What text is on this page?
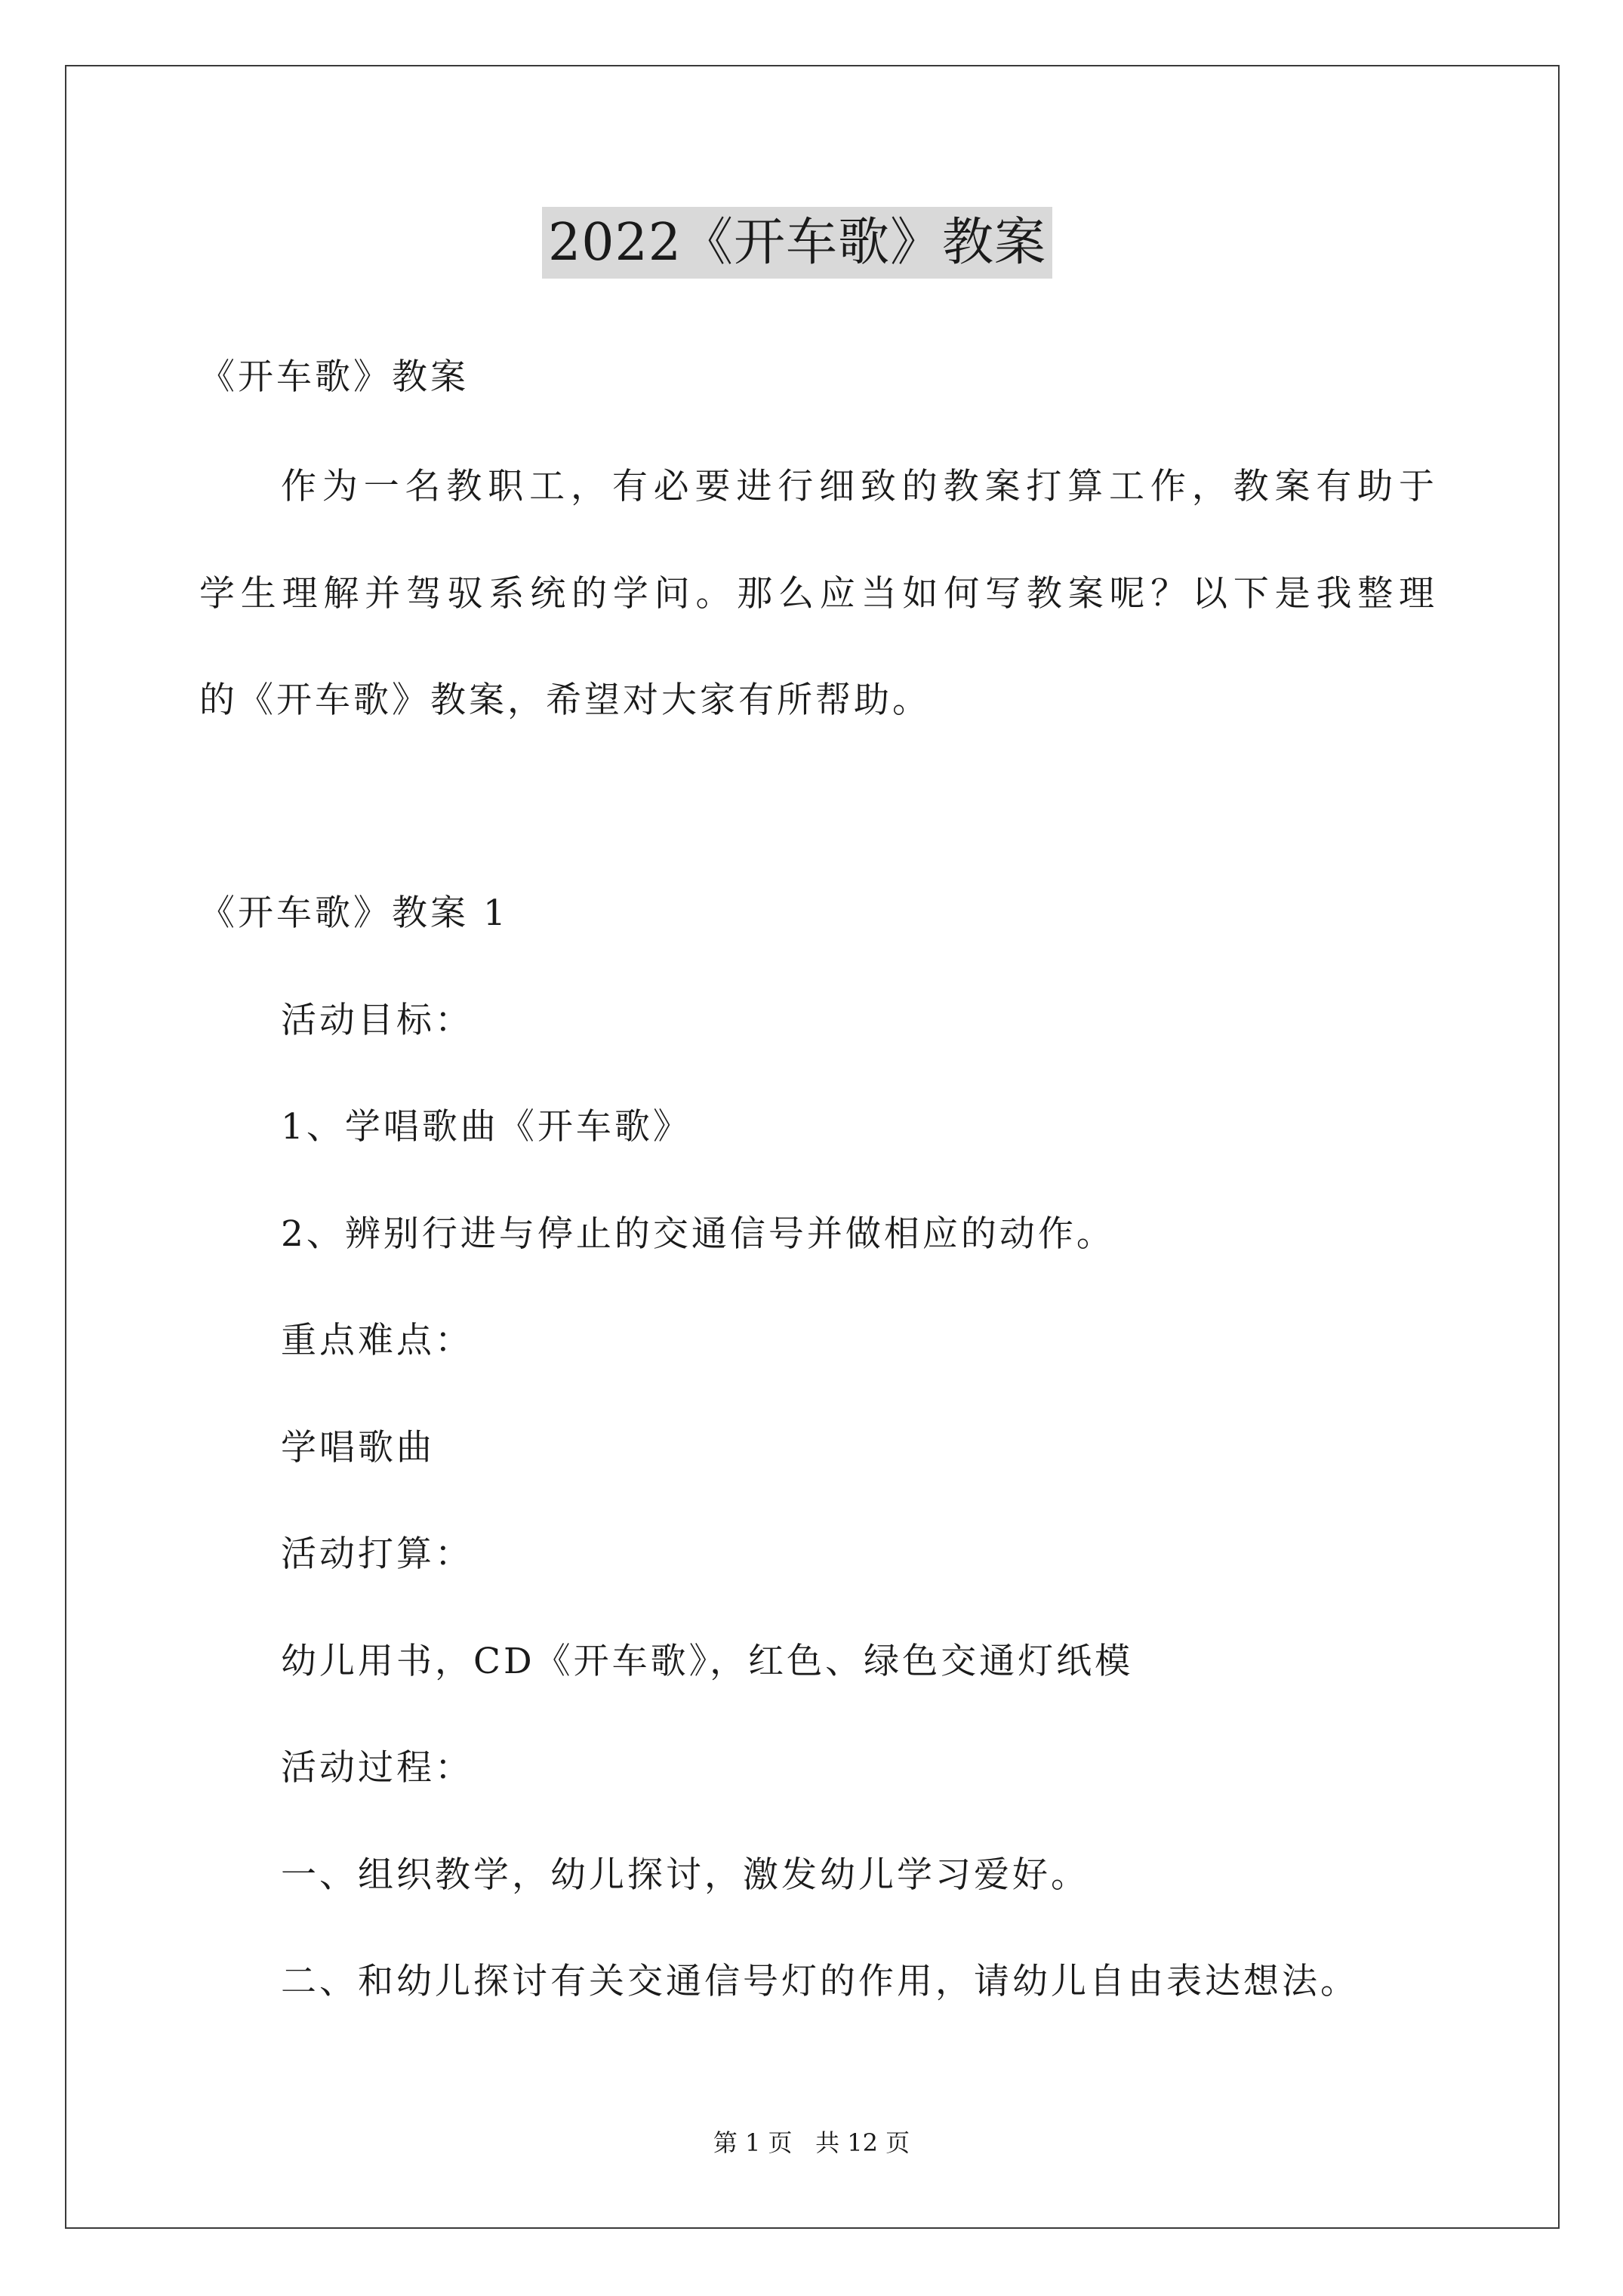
2022《开车歌》教案
《开车歌》教案
作为一名教职工，有必要进行细致的教案打算工作，教案有助于
学生理解并驾驭系统的学问。那么应当如何写教案呢？以下是我整理
的《开车歌》教案，希望对大家有所帮助。
《开车歌》教案 1
活动目标：
1、学唱歌曲《开车歌》
2、辨别行进与停止的交通信号并做相应的动作。
重点难点：
学唱歌曲
活动打算：
幼儿用书，CD《开车歌》，红色、绿色交通灯纸模
活动过程：
一、组织教学，幼儿探讨，激发幼儿学习爱好。
二、和幼儿探讨有关交通信号灯的作用，请幼儿自由表达想法。
第 1 页   共 12 页
